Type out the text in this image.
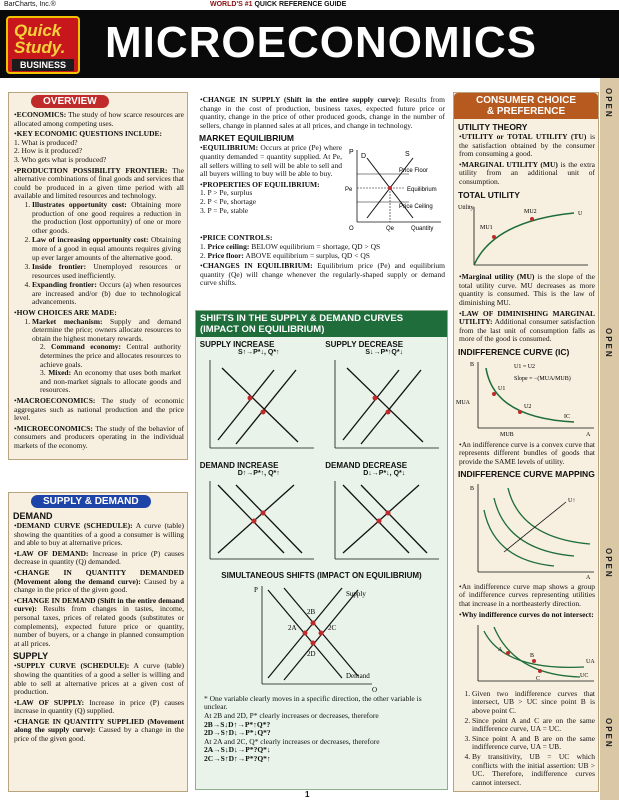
BarCharts, Inc.®	WORLD'S #1 QUICK REFERENCE GUIDE
Quick
Study.
BUSINESS MICROECONOMICS
OPEN
OPEN
OPEN
OPEN
OVERVIEW
•ECONOMICS: The study of how scarce resources are allocated among competing uses.
•KEY ECONOMIC QUESTIONS INCLUDE:
1. What is produced?
2. How is it produced?
3. Who gets what is produced?
•PRODUCTION POSSIBILITY FRONTIER: The alternative combinations of final goods and services that could be produced in a given time period with all available and limited resources and technology.
1. Illustrates opportunity cost: Obtaining more production of one good requires a reduction in the production (lost opportunity) of one or more other goods.
2. Law of increasing opportunity cost: Obtaining more of a good in equal amounts requires giving up ever larger amounts of the alternative good.
3. Inside frontier: Unemployed resources or resources used inefficiently.
4. Expanding frontier: Occurs (a) when resources are increased and/or (b) due to technological advancements.
•HOW CHOICES ARE MADE:
1. Market mechanism: Supply and demand determine the price; owners allocate resources to obtain the highest monetary rewards.
2. Command economy: Central authority determines the price and allocates resources to achieve goals.
3. Mixed: An economy that uses both market and non-market signals to allocate goods and resources.
•MACROECONOMICS: The study of economic aggregates such as national production and the price level.
•MICROECONOMICS: The study of the behavior of consumers and producers operating in the individual markets of the economy.
SUPPLY & DEMAND
DEMAND
•DEMAND CURVE (SCHEDULE): A curve (table) showing the quantities of a good a consumer is willing and able to buy at alternative prices.
•LAW OF DEMAND: Increase in price (P) causes decrease in quantity (Q) demanded.
•CHANGE IN QUANTITY DEMANDED (Movement along the demand curve): Caused by a change in the price of the given good.
•CHANGE IN DEMAND (Shift in the entire demand curve): Results from changes in tastes, income, personal taxes, prices of related goods (substitutes or complements), expected future price or quantity, number of buyers, or a change in planned consumption at all prices.
SUPPLY
•SUPPLY CURVE (SCHEDULE): A curve (table) showing the quantities of a good a seller is willing and able to sell at alternative prices at a given cost of production.
•LAW OF SUPPLY: Increase in price (P) causes increase in quantity (Q) supplied.
•CHANGE IN QUANTITY SUPPLIED (Movement along the supply curve): Caused by a change in the price of the given good.
•CHANGE IN SUPPLY (Shift in the entire supply curve): Results from change in the cost of production, business taxes, expected future price or quantity, change in the price of other produced goods, change in the number of sellers, change in planned sales at all prices, and change in technology.
MARKET EQUILIBRIUM
•EQUILIBRIUM: Occurs at price (Pe) where quantity demanded = quantity supplied. At Pe, all sellers willing to sell will be able to sell and all buyers willing to buy will be able to buy.
•PROPERTIES OF EQUILIBRIUM:
1. P > Pe, surplus
2. P < Pe, shortage
3. P = Pe, stable
P	S
D
Pe
O	Qe	Quantity
Price Floor
Equilibrium
Price Ceiling
•PRICE CONTROLS:
1. Price ceiling: BELOW equilibrium = shortage, QD > QS
2. Price floor: ABOVE equilibrium = surplus, QD < QS
•CHANGES IN EQUILIBRIUM: Equilibrium price (Pe) and equilibrium quantity (Qe) will change whenever the regularly-shaped supply or demand curve shifts.
SHIFTS IN THE SUPPLY & DEMAND CURVES (IMPACT ON EQUILIBRIUM)
SUPPLY INCREASE
S↑→P*↓, Q*↑
SUPPLY DECREASE
S↓→P*↑Q*↓
DEMAND INCREASE
D↑→P*↑, Q*↑
DEMAND DECREASE
D↓→P*↓, Q*↓
SIMULTANEOUS SHIFTS (IMPACT ON EQUILIBRIUM)
P
Q
Supply
Demand
2A
2B
2C
2D
* One variable clearly moves in a specific direction, the other variable is unclear.
At 2B and 2D, P* clearly increases or decreases, therefore
2B→S↓D↑→P*↑Q*?
2D→S↑D↓→P*↓Q*?
At 2A and 2C, Q* clearly increases or decreases, therefore
2A→S↓D↓→P*?Q*↓
2C→S↑D↑→P*?Q*↑
CONSUMER CHOICE
& PREFERENCE
UTILITY THEORY
•UTILITY or TOTAL UTILITY (TU) is the satisfaction obtained by the consumer from consuming a good.
•MARGINAL UTILITY (MU) is the extra utility from an additional unit of consumption.
TOTAL UTILITY
Utility
MU1
MU2	U
•Marginal utility (MU) is the slope of the total utility curve. MU decreases as more quantity is consumed. This is the law of diminishing MU.
•LAW OF DIMINISHING MARGINAL UTILITY: Additional consumer satisfaction from the last unit of consumption falls as more of the good is consumed.
INDIFFERENCE CURVE (IC)
B
A
U1 = U2
Slope = −(MUA/MUB)
U1
U2
MUA
MUB
IC
•An indifference curve is a convex curve that represents different bundles of goods that provide the SAME levels of utility.
INDIFFERENCE CURVE MAPPING
B
A
U↑
•An indifference curve map shows a group of indifference curves representing utilities that increase in a northeasterly direction.
•Why indifference curves do not intersect:
A
B
C
UA
UC
1. Given two indifference curves that intersect, UB > UC since point B is above point C.
2. Since point A and C are on the same indifference curve, UA = UC.
3. Since point A and B are on the same indifference curve, UA = UB.
4. By transitivity, UB = UC which conflicts with the initial assertion: UB > UC. Therefore, indifference curves cannot intersect.
1
